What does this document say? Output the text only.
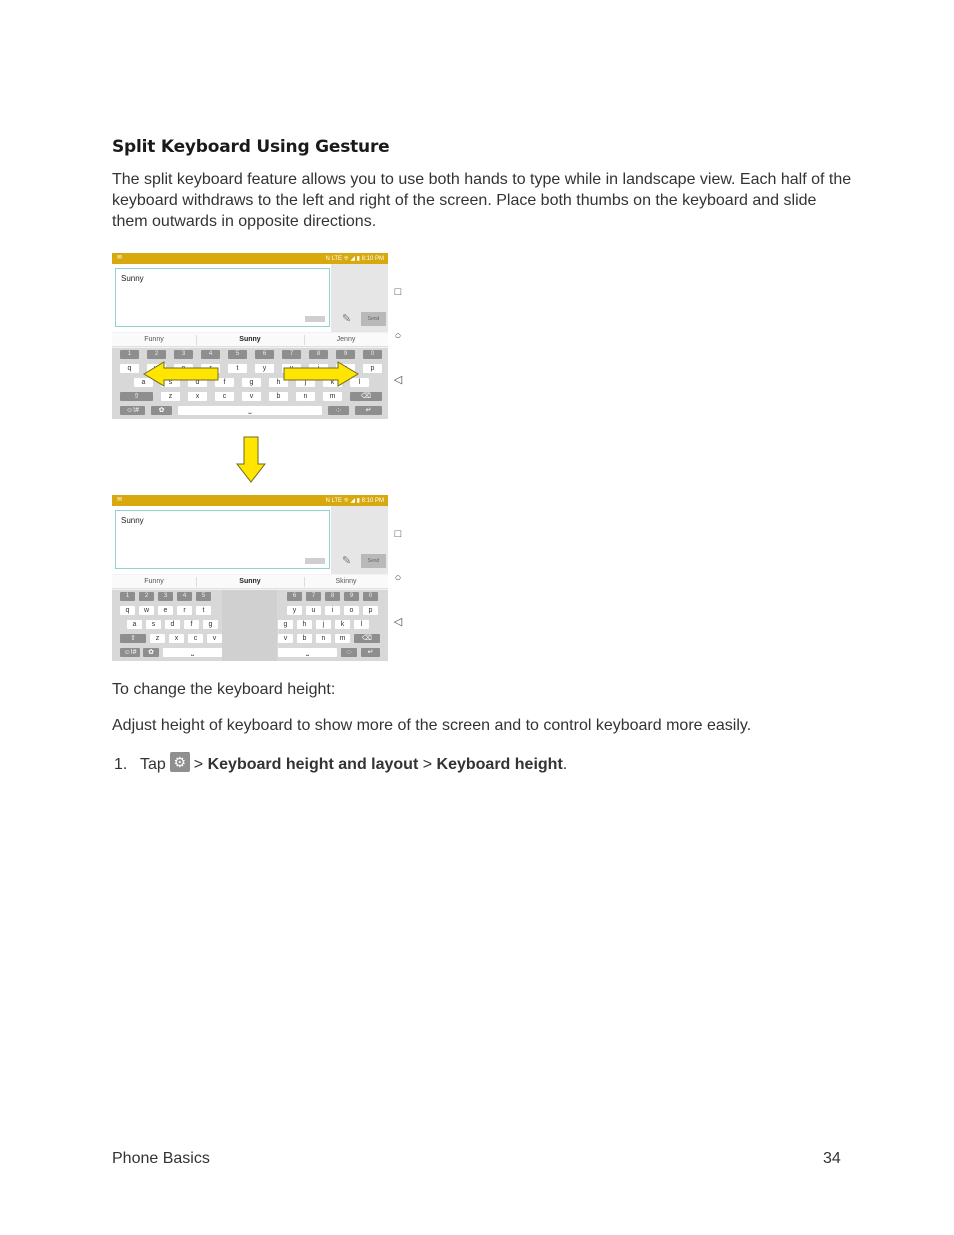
Split Keyboard Using Gesture

The split keyboard feature allows you to use both hands to type while in landscape view. Each half of the keyboard withdraws to the left and right of the screen. Place both thumbs on the keyboard and slide them outwards in opposite directions.

✉	N LTE ⁜ ◢ ▮ 8:10 PM
Sunny
✎	Send
Funny	Sunny	Jenny
1	2	3	4	5	6	7	8	9	0
q	t	y	p
a	s	d	f	g	h	j	k	l
⇧	z	x	c	v	b	n	m	⌫
☺!#	✿	⎵	·:·	↵
□
○
◁
✉	N LTE ⁜ ◢ ▮ 8:10 PM
Sunny
✎	Send
Funny	Sunny	Skinny
1	2	3	4	5	6	7	8	9	0
q	w	e	r	t	y	u	i	o	p
a	s	d	f	g	g	h	j	k	l
⇧	z	x	c	v	v	b	n	m	⌫
☺!#	✿	⎵	⎵	·:·	↵
□
○
◁

To change the keyboard height:

Adjust height of keyboard to show more of the screen and to control keyboard more easily.

1. Tap ⚙ ··· >
Keyboard height and layout
>
Keyboard height .
Phone Basics	34
